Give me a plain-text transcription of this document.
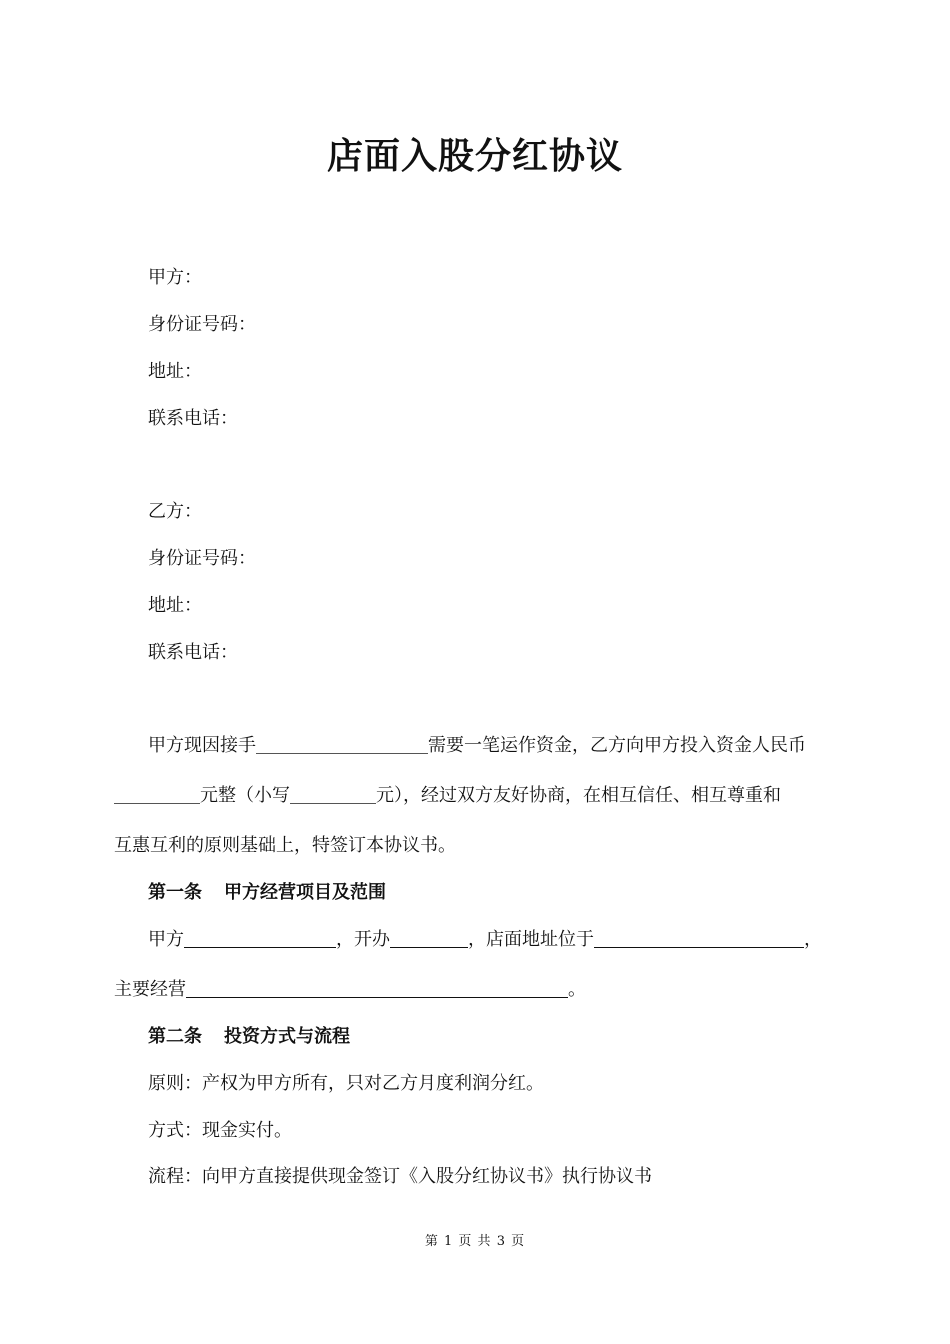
店面入股分红协议
甲方：
身份证号码：
地址：
联系电话：
乙方：
身份证号码：
地址：
联系电话：
甲方现因接手	需要一笔运作资金，乙方向甲方投入资金人民币
元整（小写	元），经过双方友好协商，在相互信任、相互尊重和
互惠互利的原则基础上，特签订本协议书。
第一条 甲方经营项目及范围
甲方	，开办	，店面地址位于	，
主要经营	。
第二条 投资方式与流程
原则：产权为甲方所有，只对乙方月度利润分红。
方式：现金实付。
流程：向甲方直接提供现金签订《入股分红协议书》执行协议书
第 1 页 共 3 页
